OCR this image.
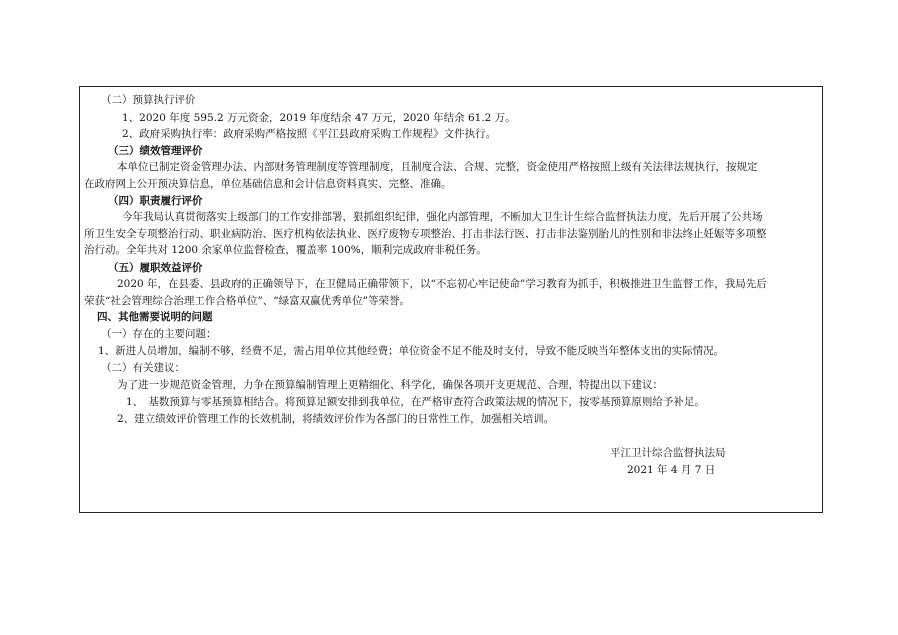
（二）预算执行评价
1、2020 年度 595.2 万元资金，2019 年度结余 47 万元，2020 年结余 61.2 万。
2、政府采购执行率：政府采购严格按照《平江县政府采购工作规程》文件执行。
（三）绩效管理评价
本单位已制定资金管理办法、内部财务管理制度等管理制度，且制度合法、合规、完整，资金使用严格按照上级有关法律法规执行，按规定
在政府网上公开预决算信息，单位基础信息和会计信息资料真实、完整、准确。
（四）职责履行评价
今年我局认真贯彻落实上级部门的工作安排部署，狠抓组织纪律，强化内部管理，不断加大卫生计生综合监督执法力度，先后开展了公共场
所卫生安全专项整治行动、职业病防治、医疗机构依法执业、医疗废物专项整治、打击非法行医、打击非法鉴别胎儿的性别和非法终止妊娠等多项整
治行动。全年共对 1200 余家单位监督检查，覆盖率 100%，顺利完成政府非税任务。
（五）履职效益评价
2020 年，在县委、县政府的正确领导下，在卫健局正确带领下，以“不忘初心牢记使命”学习教育为抓手，积极推进卫生监督工作，我局先后
荣获“社会管理综合治理工作合格单位”、“绿富双赢优秀单位”等荣誉。
四、其他需要说明的问题
（一）存在的主要问题：
1、新进人员增加，编制不够，经费不足，需占用单位其他经费；单位资金不足不能及时支付，导致不能反映当年整体支出的实际情况。
（二）有关建议：
为了进一步规范资金管理，力争在预算编制管理上更精细化、科学化，确保各项开支更规范、合理，特提出以下建议：
1、　基数预算与零基预算相结合。将预算足额安排到我单位，在严格审查符合政策法规的情况下，按零基预算原则给予补足。
2、建立绩效评价管理工作的长效机制，将绩效评价作为各部门的日常性工作，加强相关培训。
平江卫计综合监督执法局
2021 年 4 月 7 日
